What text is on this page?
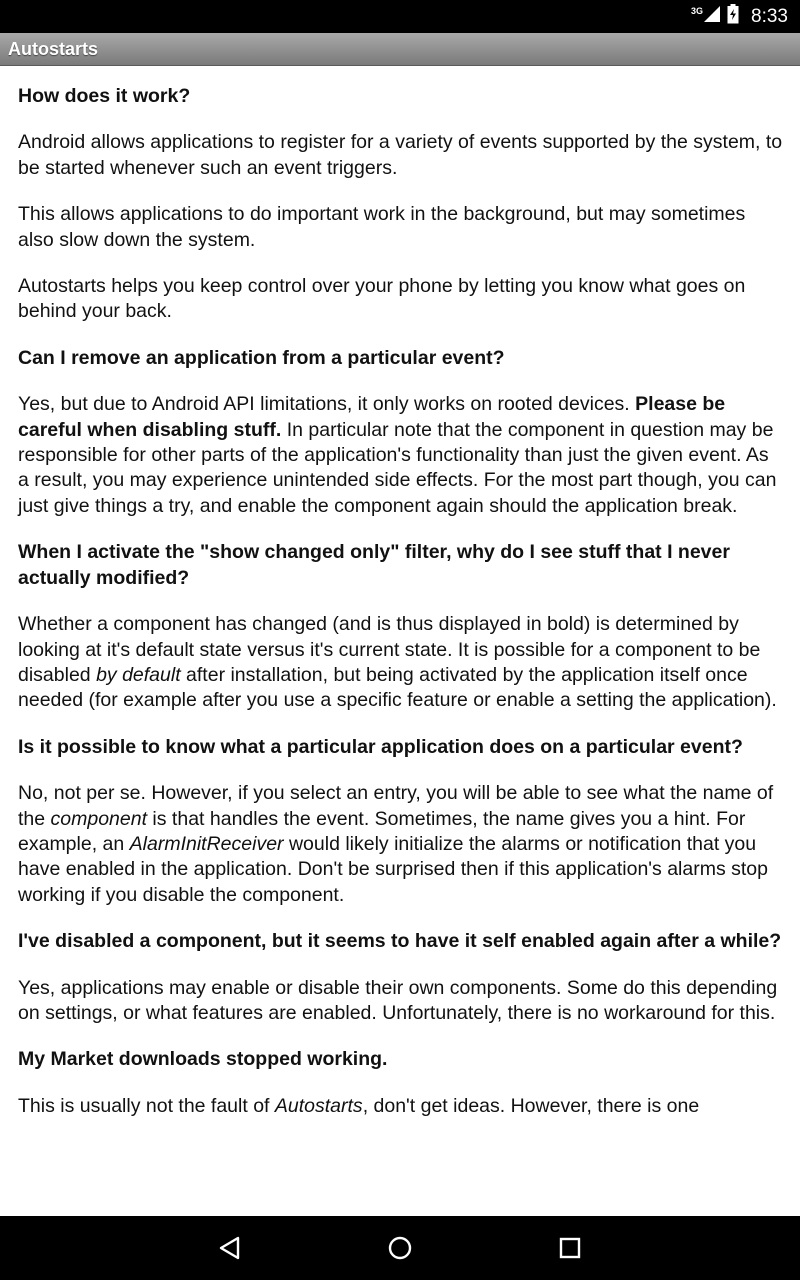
3G	8:33
Autostarts

How does it work?

Android allows applications to register for a variety of events supported by the system, to be started whenever such an event triggers.

This allows applications to do important work in the background, but may sometimes also slow down the system.

Autostarts helps you keep control over your phone by letting you know what goes on behind your back.

Can I remove an application from a particular event?

Yes, but due to Android API limitations, it only works on rooted devices. Please be careful when disabling stuff. In particular note that the component in question may be responsible for other parts of the application's functionality than just the given event. As a result, you may experience unintended side effects. For the most part though, you can just give things a try, and enable the component again should the application break.

When I activate the "show changed only" filter, why do I see stuff that I never actually modified?

Whether a component has changed (and is thus displayed in bold) is determined by looking at it's default state versus it's current state. It is possible for a component to be disabled by default after installation, but being activated by the application itself once needed (for example after you use a specific feature or enable a setting the application).

Is it possible to know what a particular application does on a particular event?

No, not per se. However, if you select an entry, you will be able to see what the name of the component is that handles the event. Sometimes, the name gives you a hint. For example, an AlarmInitReceiver would likely initialize the alarms or notification that you have enabled in the application. Don't be surprised then if this application's alarms stop working if you disable the component.

I've disabled a component, but it seems to have it self enabled again after a while?

Yes, applications may enable or disable their own components. Some do this depending on settings, or what features are enabled. Unfortunately, there is no workaround for this.

My Market downloads stopped working.

This is usually not the fault of Autostarts, don't get ideas. However, there is one
